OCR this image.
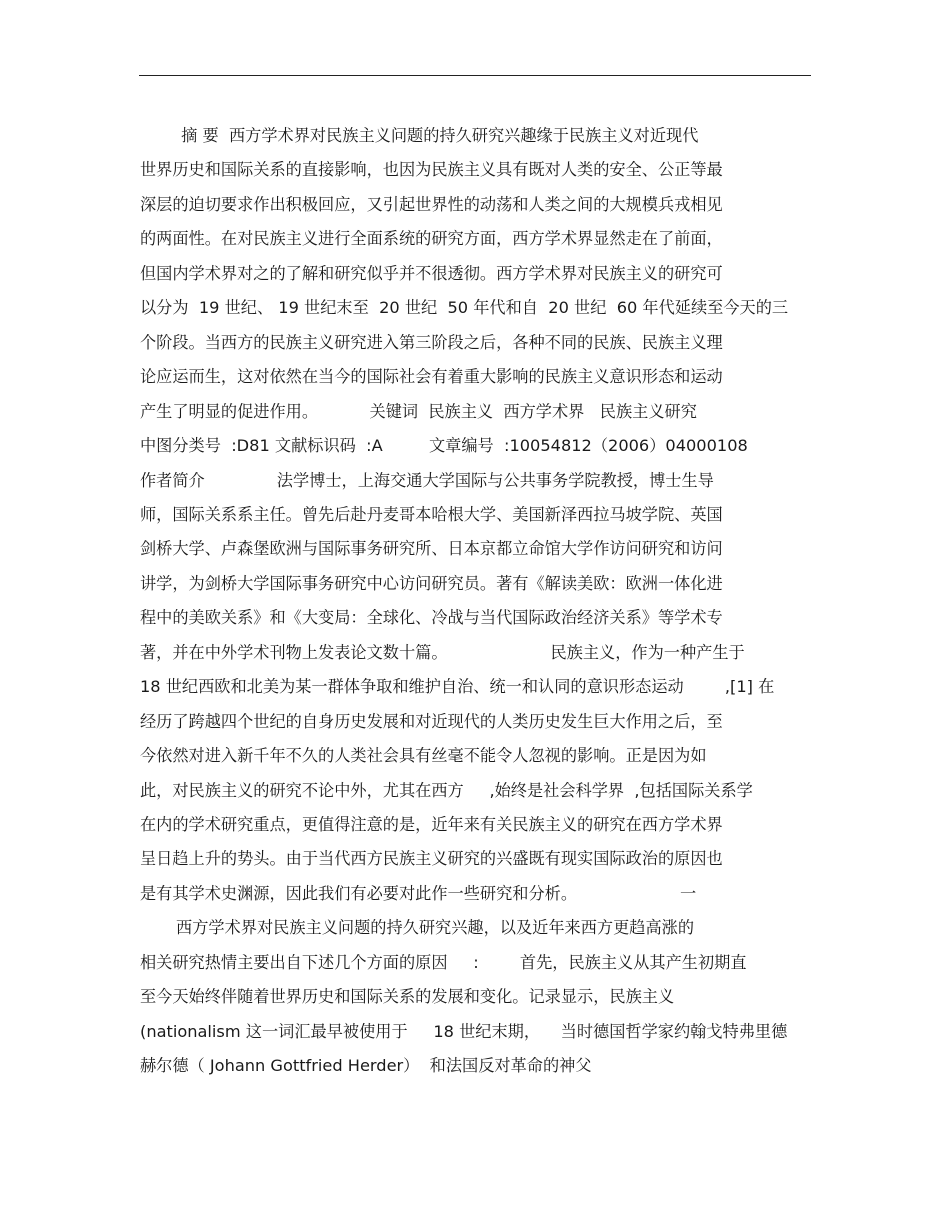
摘 要  西方学术界对民族主义问题的持久研究兴趣缘于民族主义对近现代
世界历史和国际关系的直接影响，也因为民族主义具有既对人类的安全、公正等最
深层的迫切要求作出积极回应，又引起世界性的动荡和人类之间的大规模兵戎相见
的两面性。在对民族主义进行全面系统的研究方面，西方学术界显然走在了前面，
但国内学术界对之的了解和研究似乎并不很透彻。西方学术界对民族主义的研究可
以分为  19 世纪、 19 世纪末至  20 世纪  50 年代和自  20 世纪  60 年代延续至今天的三
个阶段。当西方的民族主义研究进入第三阶段之后，各种不同的民族、民族主义理
论应运而生，这对依然在当今的国际社会有着重大影响的民族主义意识形态和运动
产生了明显的促进作用。          关键词  民族主义  西方学术界   民族主义研究
中图分类号  :D81 文献标识码  :A         文章编号  :10054812（2006）04000108
作者简介              法学博士，上海交通大学国际与公共事务学院教授，博士生导
师，国际关系系主任。曾先后赴丹麦哥本哈根大学、美国新泽西拉马坡学院、英国
剑桥大学、卢森堡欧洲与国际事务研究所、日本京都立命馆大学作访问研究和访问
讲学，为剑桥大学国际事务研究中心访问研究员。著有《解读美欧：欧洲一体化进
程中的美欧关系》和《大变局：全球化、冷战与当代国际政治经济关系》等学术专
著，并在中外学术刊物上发表论文数十篇。                    民族主义，作为一种产生于
18 世纪西欧和北美为某一群体争取和维护自治、统一和认同的意识形态运动        ,[1] 在
经历了跨越四个世纪的自身历史发展和对近现代的人类历史发生巨大作用之后，至
今依然对进入新千年不久的人类社会具有丝毫不能令人忽视的影响。正是因为如
此，对民族主义的研究不论中外，尤其在西方     ,始终是社会科学界  ,包括国际关系学
在内的学术研究重点，更值得注意的是，近年来有关民族主义的研究在西方学术界
呈日趋上升的势头。由于当代西方民族主义研究的兴盛既有现实国际政治的原因也
是有其学术史渊源，因此我们有必要对此作一些研究和分析。                    一
西方学术界对民族主义问题的持久研究兴趣，以及近年来西方更趋高涨的
相关研究热情主要出自下述几个方面的原因     :        首先，民族主义从其产生初期直
至今天始终伴随着世界历史和国际关系的发展和变化。记录显示，民族主义
(nationalism 这一词汇最早被使用于     18 世纪末期，    当时德国哲学家约翰戈特弗里德
赫尔德（ Johann Gottfried Herder）  和法国反对革命的神父
